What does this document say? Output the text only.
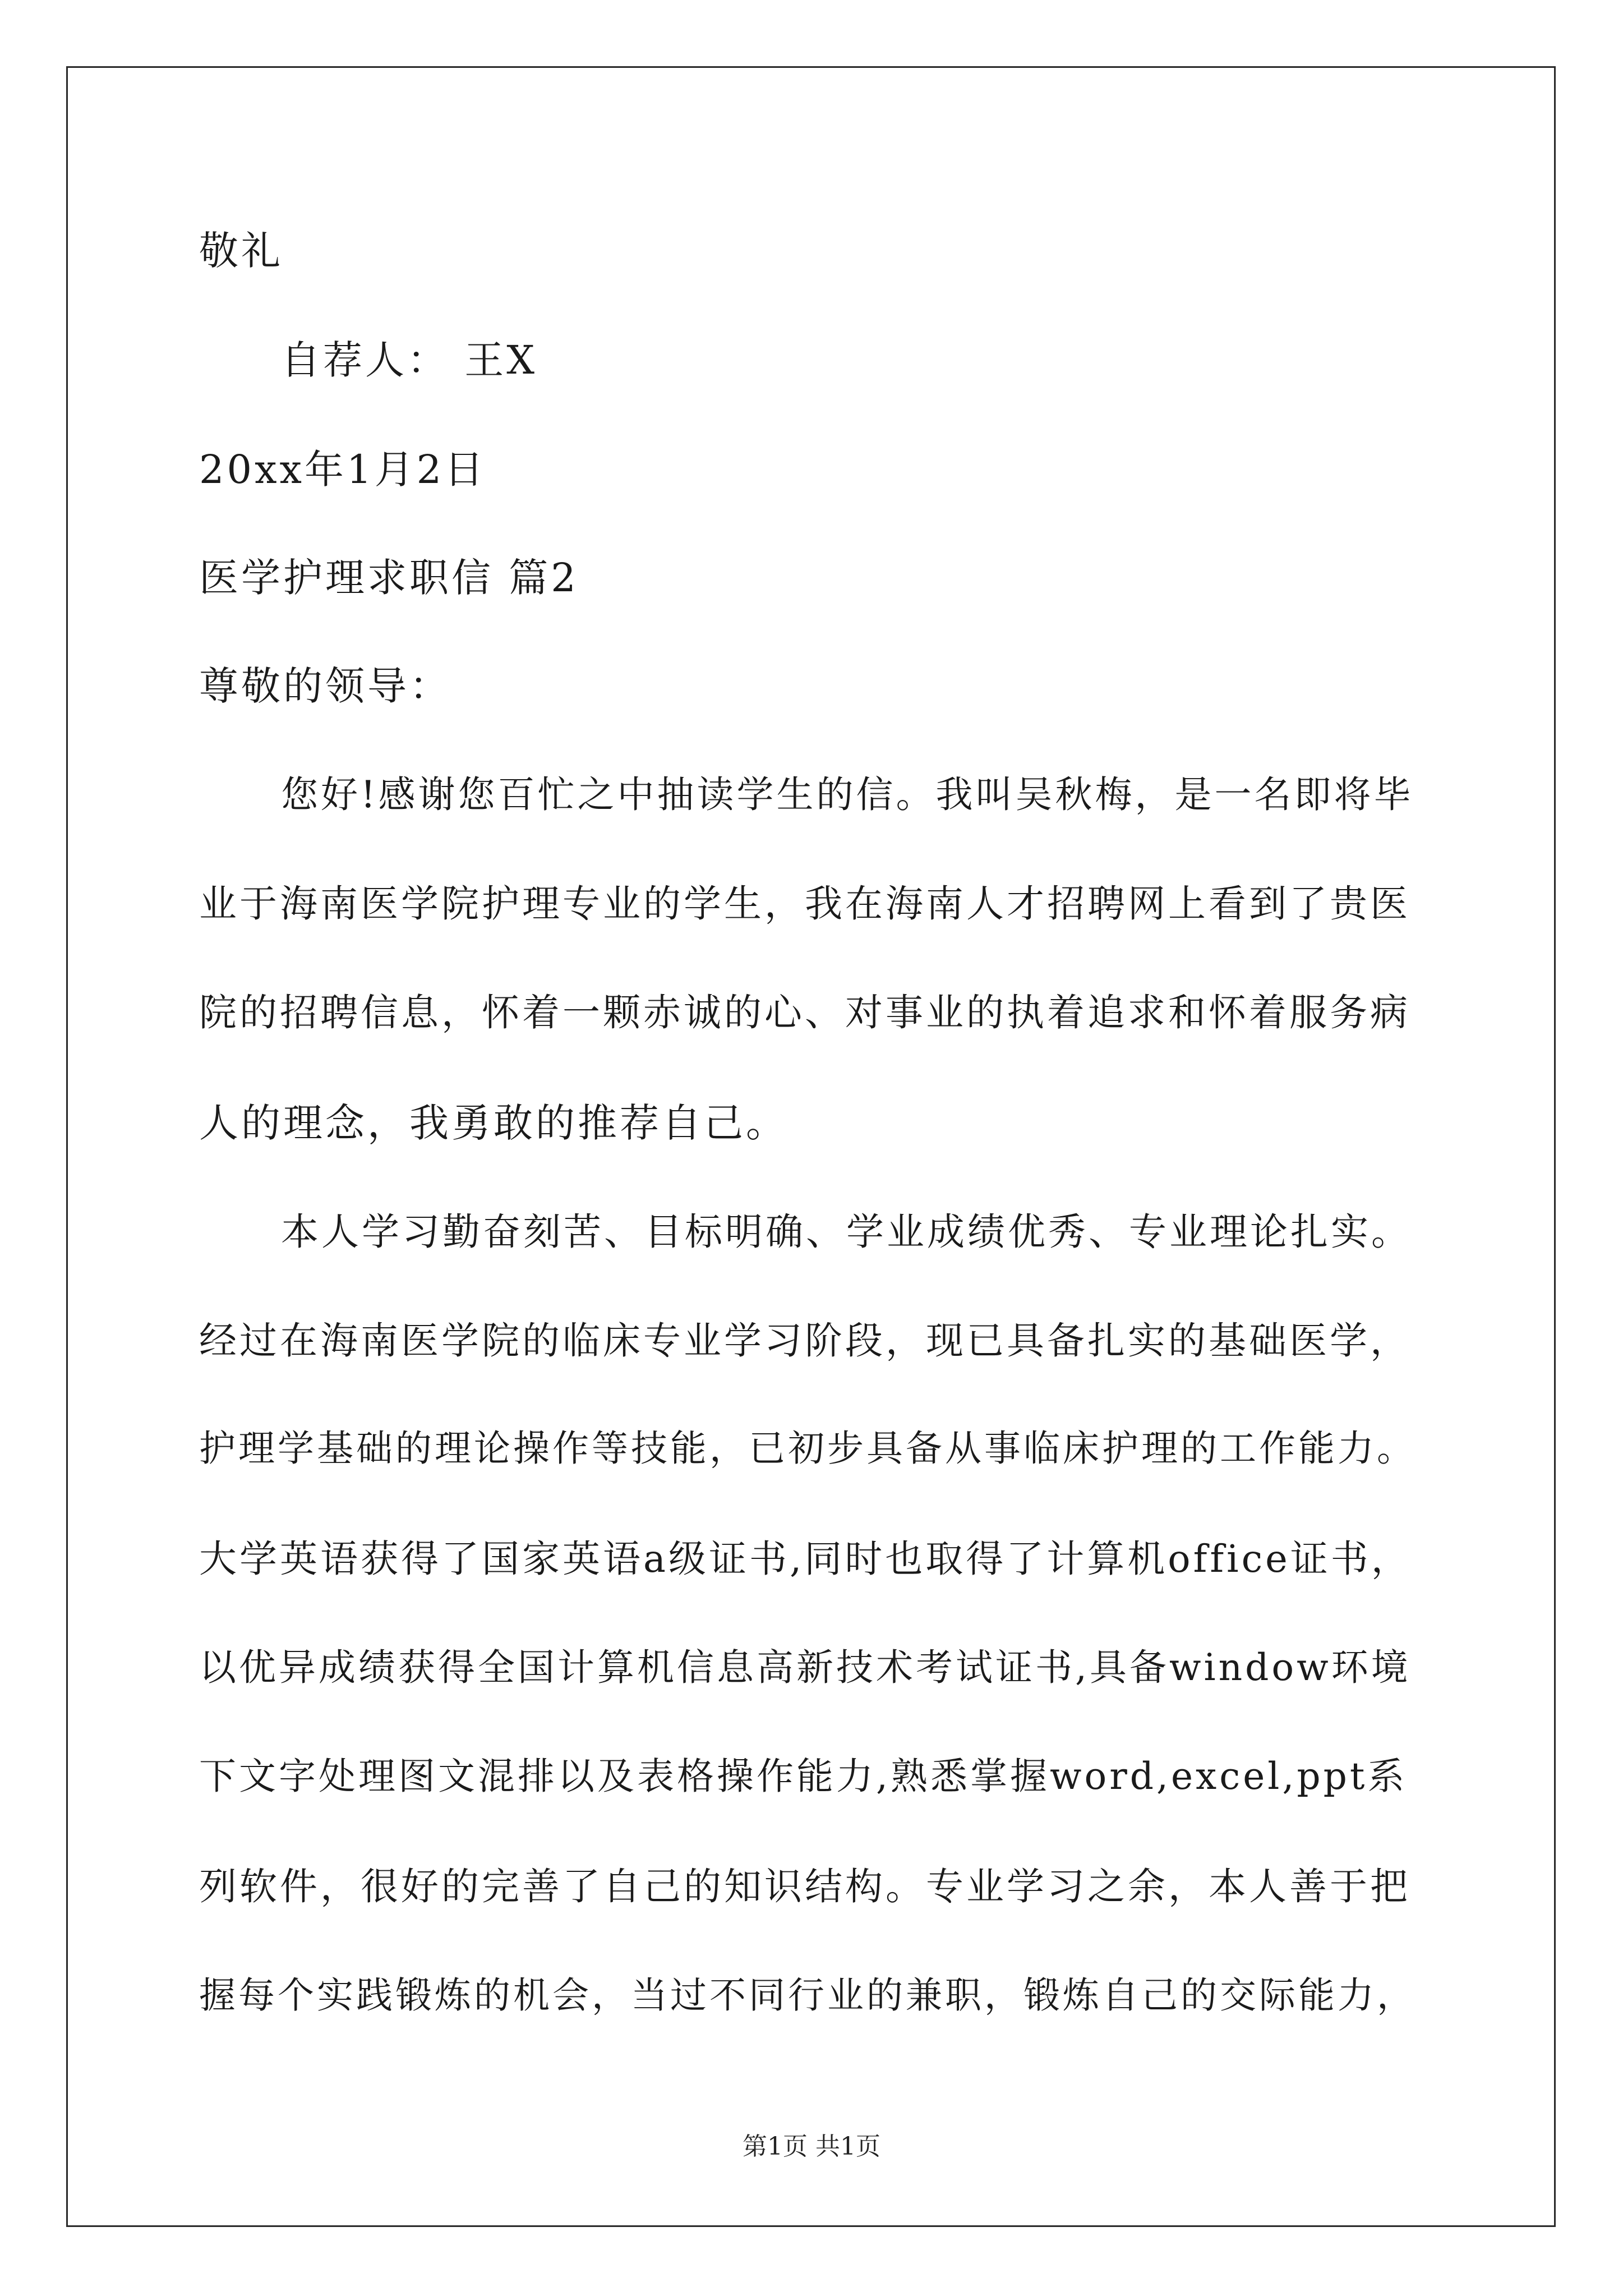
敬礼
自荐人： 王X
20xx年1月2日
医学护理求职信 篇2
尊敬的领导：
您好!感谢您百忙之中抽读学生的信。我叫吴秋梅，是一名即将毕
业于海南医学院护理专业的学生，我在海南人才招聘网上看到了贵医
院的招聘信息，怀着一颗赤诚的心、对事业的执着追求和怀着服务病
人的理念，我勇敢的推荐自己。
本人学习勤奋刻苦、目标明确、学业成绩优秀、专业理论扎实。
经过在海南医学院的临床专业学习阶段，现已具备扎实的基础医学，
护理学基础的理论操作等技能，已初步具备从事临床护理的工作能力。
大学英语获得了国家英语a级证书,同时也取得了计算机office证书，
以优异成绩获得全国计算机信息高新技术考试证书,具备window环境
下文字处理图文混排以及表格操作能力,熟悉掌握word,excel,ppt系
列软件，很好的完善了自己的知识结构。专业学习之余，本人善于把
握每个实践锻炼的机会，当过不同行业的兼职，锻炼自己的交际能力，
第1页 共1页
